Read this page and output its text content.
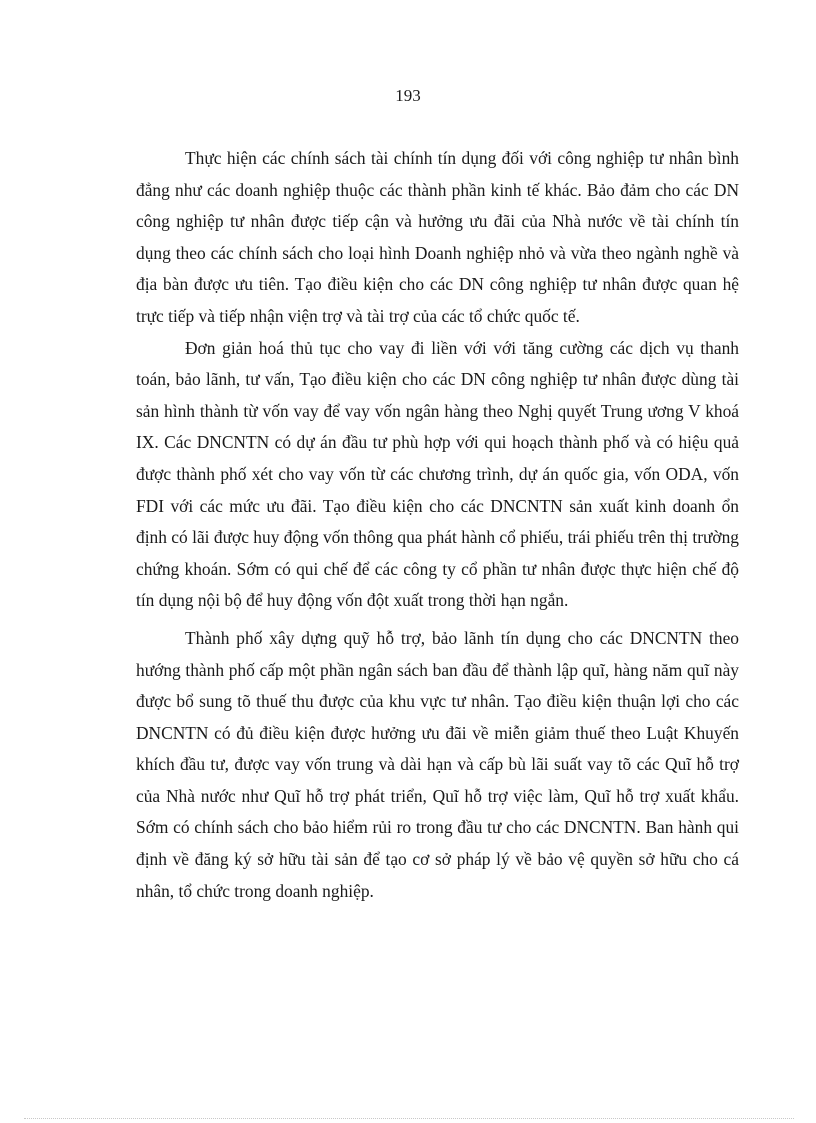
193

Thực hiện các chính sách tài chính tín dụng đối với công nghiệp tư nhân bình đẳng như các doanh nghiệp thuộc các thành phần kinh tế khác. Bảo đảm cho các DN công nghiệp tư nhân được tiếp cận và hưởng ưu đãi của Nhà nước về tài chính tín dụng theo các chính sách cho loại hình Doanh nghiệp nhỏ và vừa theo ngành nghề và địa bàn được ưu tiên. Tạo điều kiện cho các DN công nghiệp tư nhân được quan hệ trực tiếp và tiếp nhận viện trợ và tài trợ của các tổ chức quốc tế.

Đơn giản hoá thủ tục cho vay đi liền với với tăng cường các dịch vụ thanh toán, bảo lãnh, tư vấn, Tạo điều kiện cho các DN công nghiệp tư nhân được dùng tài sản hình thành từ vốn vay để vay vốn ngân hàng theo Nghị quyết Trung ương V khoá IX. Các DNCNTN có dự án đầu tư phù hợp với qui hoạch thành phố và có hiệu quả được thành phố xét cho vay vốn từ các chương trình, dự án quốc gia, vốn ODA, vốn FDI với các mức ưu đãi. Tạo điều kiện cho các DNCNTN sản xuất kinh doanh ổn định có lãi được huy động vốn thông qua phát hành cổ phiếu, trái phiếu trên thị trường chứng khoán. Sớm có qui chế để các công ty cổ phần tư nhân được thực hiện chế độ tín dụng nội bộ để huy động vốn đột xuất trong thời hạn ngắn.

Thành phố xây dựng quỹ hỗ trợ, bảo lãnh tín dụng cho các DNCNTN theo hướng thành phố cấp một phần ngân sách ban đầu để thành lập quĩ, hàng năm quĩ này được bổ sung tõ thuế thu được của khu vực tư nhân. Tạo điều kiện thuận lợi cho các DNCNTN có đủ điều kiện được hưởng ưu đãi về miễn giảm thuế theo Luật Khuyến khích đầu tư, được vay vốn trung và dài hạn và cấp bù lãi suất vay tõ các Quĩ hỗ trợ của Nhà nước như Quĩ hỗ trợ phát triển, Quĩ hỗ trợ việc làm, Quĩ hỗ trợ xuất khẩu. Sớm có chính sách cho bảo hiểm rủi ro trong đầu tư cho các DNCNTN. Ban hành qui định về đăng ký sở hữu tài sản để tạo cơ sở pháp lý về bảo vệ quyền sở hữu cho cá nhân, tổ chức trong doanh nghiệp.
